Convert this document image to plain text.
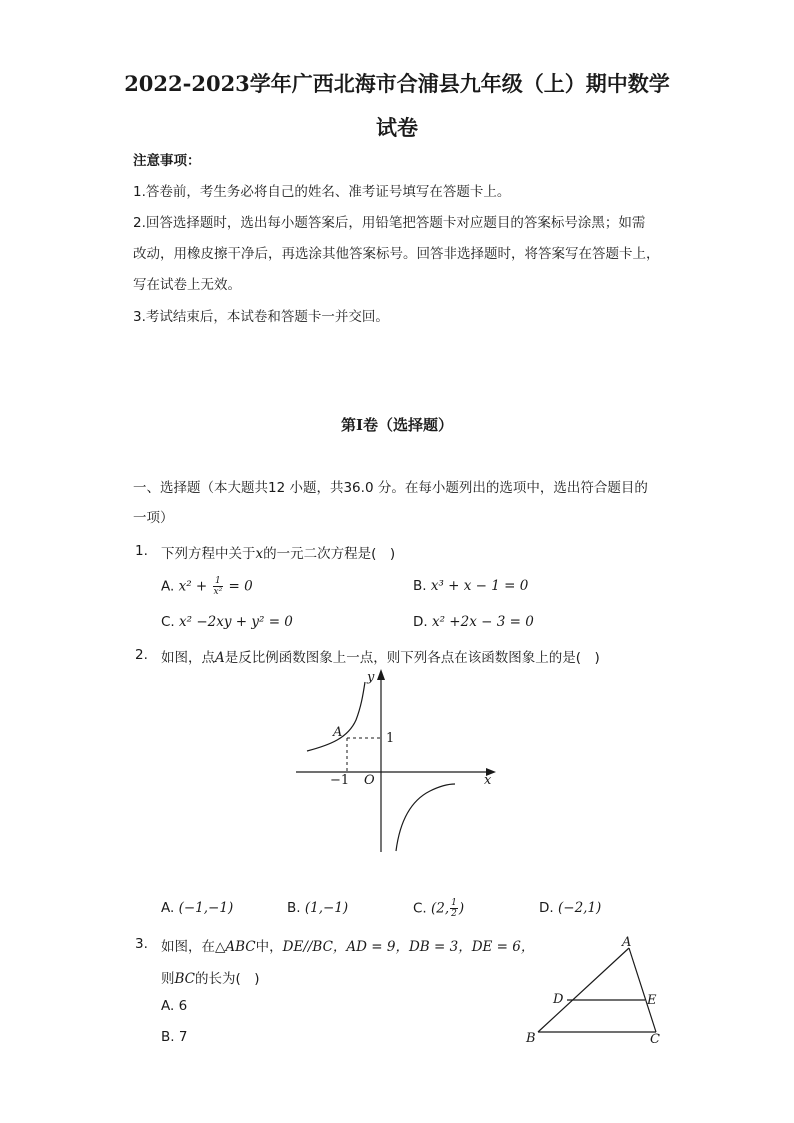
2022-2023学年广西北海市合浦县九年级（上）期中数学
试卷
注意事项：
1.答卷前，考生务必将自己的姓名、准考证号填写在答题卡上。
2.回答选择题时，选出每小题答案后，用铅笔把答题卡对应题目的答案标号涂黑；如需
改动，用橡皮擦干净后，再选涂其他答案标号。回答非选择题时，将答案写在答题卡上，
写在试卷上无效。
3.考试结束后，本试卷和答题卡一并交回。
第I卷（选择题）
一、选择题（本大题共12 小题，共36.0 分。在每小题列出的选项中，选出符合题目的
一项）
1. 下列方程中关于x的一元二次方程是(　)
A. $x^2 + \frac{1}{\text{x²}} = 0$	B. x³ + x − 1 = 0
C. x² −2xy + y² = 0	D. x² +2x − 3 = 0
2. 如图，点A是反比例函数图象上一点，则下列各点在该函数图象上的是(　)
y
x
O
A	1
−1
A. (−1,−1)	B. (1,−1)	C. (2, $\frac{1}{2}$ )	D. (−2,1)
3. 如图，在△ABC中，DE//BC，AD = 9，DB = 3，DE = 6，
则BC的长为(　)
A
B	C
D	E
A. 6
B. 7
